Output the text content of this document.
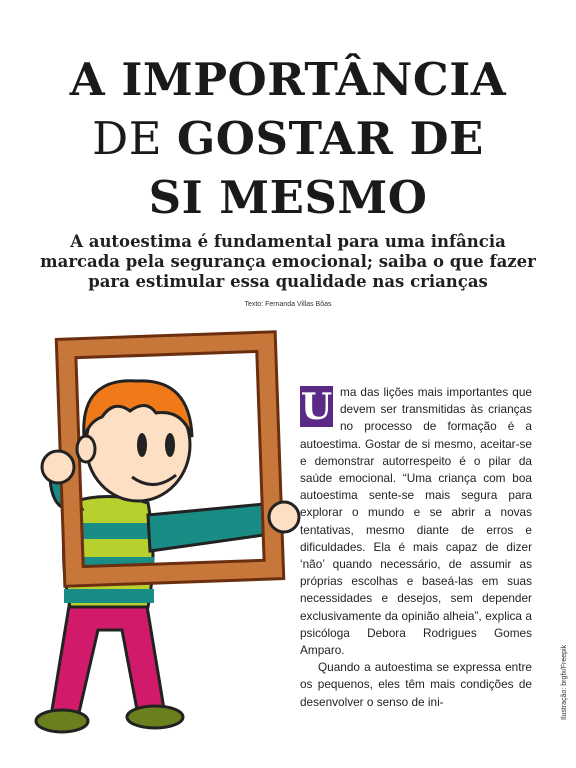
A IMPORTÂNCIA
DE GOSTAR DE
SI MESMO

A autoestima é fundamental para uma infância marcada pela segurança emocional; saiba o que fazer para estimular essa qualidade nas crianças

Texto: Fernanda Villas Bôas

U ma das lições mais importantes que devem ser transmitidas às crianças no processo de formação é a autoestima. Gostar de si mesmo, aceitar-se e demonstrar autorrespeito é o pilar da saúde emocional. “Uma criança com boa autoestima sente-se mais segura para explorar o mundo e se abrir a novas tentativas, mesmo diante de erros e dificuldades. Ela é mais capaz de dizer ‘não’ quando necessário, de assumir as próprias escolhas e baseá-las em suas necessidades e desejos, sem depender exclusivamente da opinião alheia”, explica a psicóloga Debora Rodrigues Gomes Amparo.

Quando a autoestima se expressa entre os pequenos, eles têm mais condições de desenvolver o senso de ini-	Ilustração: brgfx/Freepik
